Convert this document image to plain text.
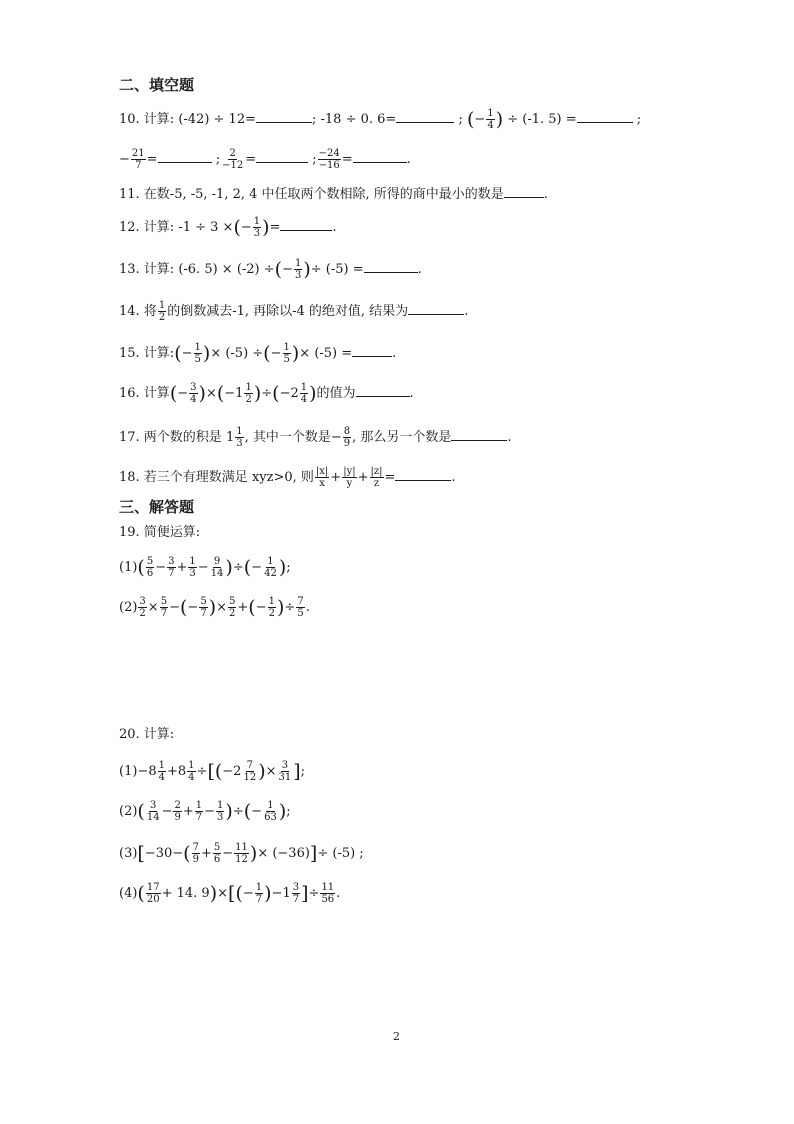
二、填空题
10. 计算: (-42) ÷ 12=	; -18 ÷ 0. 6=	; (− $\frac{1}{4}$ ) ÷ (-1. 5) =	;
− $\frac{21}{7}$ =	; $\frac{2}{-12}$ =	; $\frac{-24}{-16}$ =	.
11. 在数-5, -5, -1, 2, 4 中任取两个数相除, 所得的商中最小的数是	.
12. 计算: -1 ÷ 3 ×(− $\frac{1}{3}$ )=	.
13. 计算: (-6. 5) × (-2) ÷(− $\frac{1}{3}$ )÷ (-5) =	.
14. 将 $\frac{1}{2}$ 的倒数减去-1, 再除以-4 的绝对值, 结果为	.
15. 计算:(− $\frac{1}{5}$ )× (-5) ÷(− $\frac{1}{5}$ )× (-5) =	.
16. 计算(− $\frac{3}{4} )\times(-1 \frac{1}{2} )\div(-2 \frac{1}{4}$ )的值为	.
17. 两个数的积是 $1 \frac{1}{3}$ , 其中一个数是− $\frac{8}{9}$ , 那么另一个数是	.
18. 若三个有理数满足 xyz>0, 则 $\frac{|x|}{x} + \frac{|y|}{y} + \frac{|z|}{z}$ =	.
三、解答题
19. 简便运算:
$(1)( \frac{5}{6} - \frac{3}{7} + \frac{1}{3} - \frac{9}{14}$ )÷(− $\frac{1}{42}$ );
$(2) \frac{3}{2} \times \frac{5}{7}$ −(− $\frac{5}{7}$ )× $\frac{5}{2}$ +(− $\frac{1}{2}$ )÷ $\frac{7}{5}$ .
20. 计算:
$(1)-8 \frac{1}{4} +8 \frac{1}{4} \div[(-2 \frac{7}{12}$ )× $\frac{3}{31}$ ];
$(2)( \frac{3}{14} - \frac{2}{9} + \frac{1}{7} - \frac{1}{3}$ )÷(− $\frac{1}{63}$ );
$(3)[-30-( \frac{7}{9} + \frac{5}{6} - \frac{11}{12}$ )× (−36)]÷ (-5) ;
$(4)( \frac{17}{20} + 14$. $9)\times[(- \frac{1}{7} )-1 \frac{3}{7}$ ]÷ $\frac{11}{56}$ .
2
